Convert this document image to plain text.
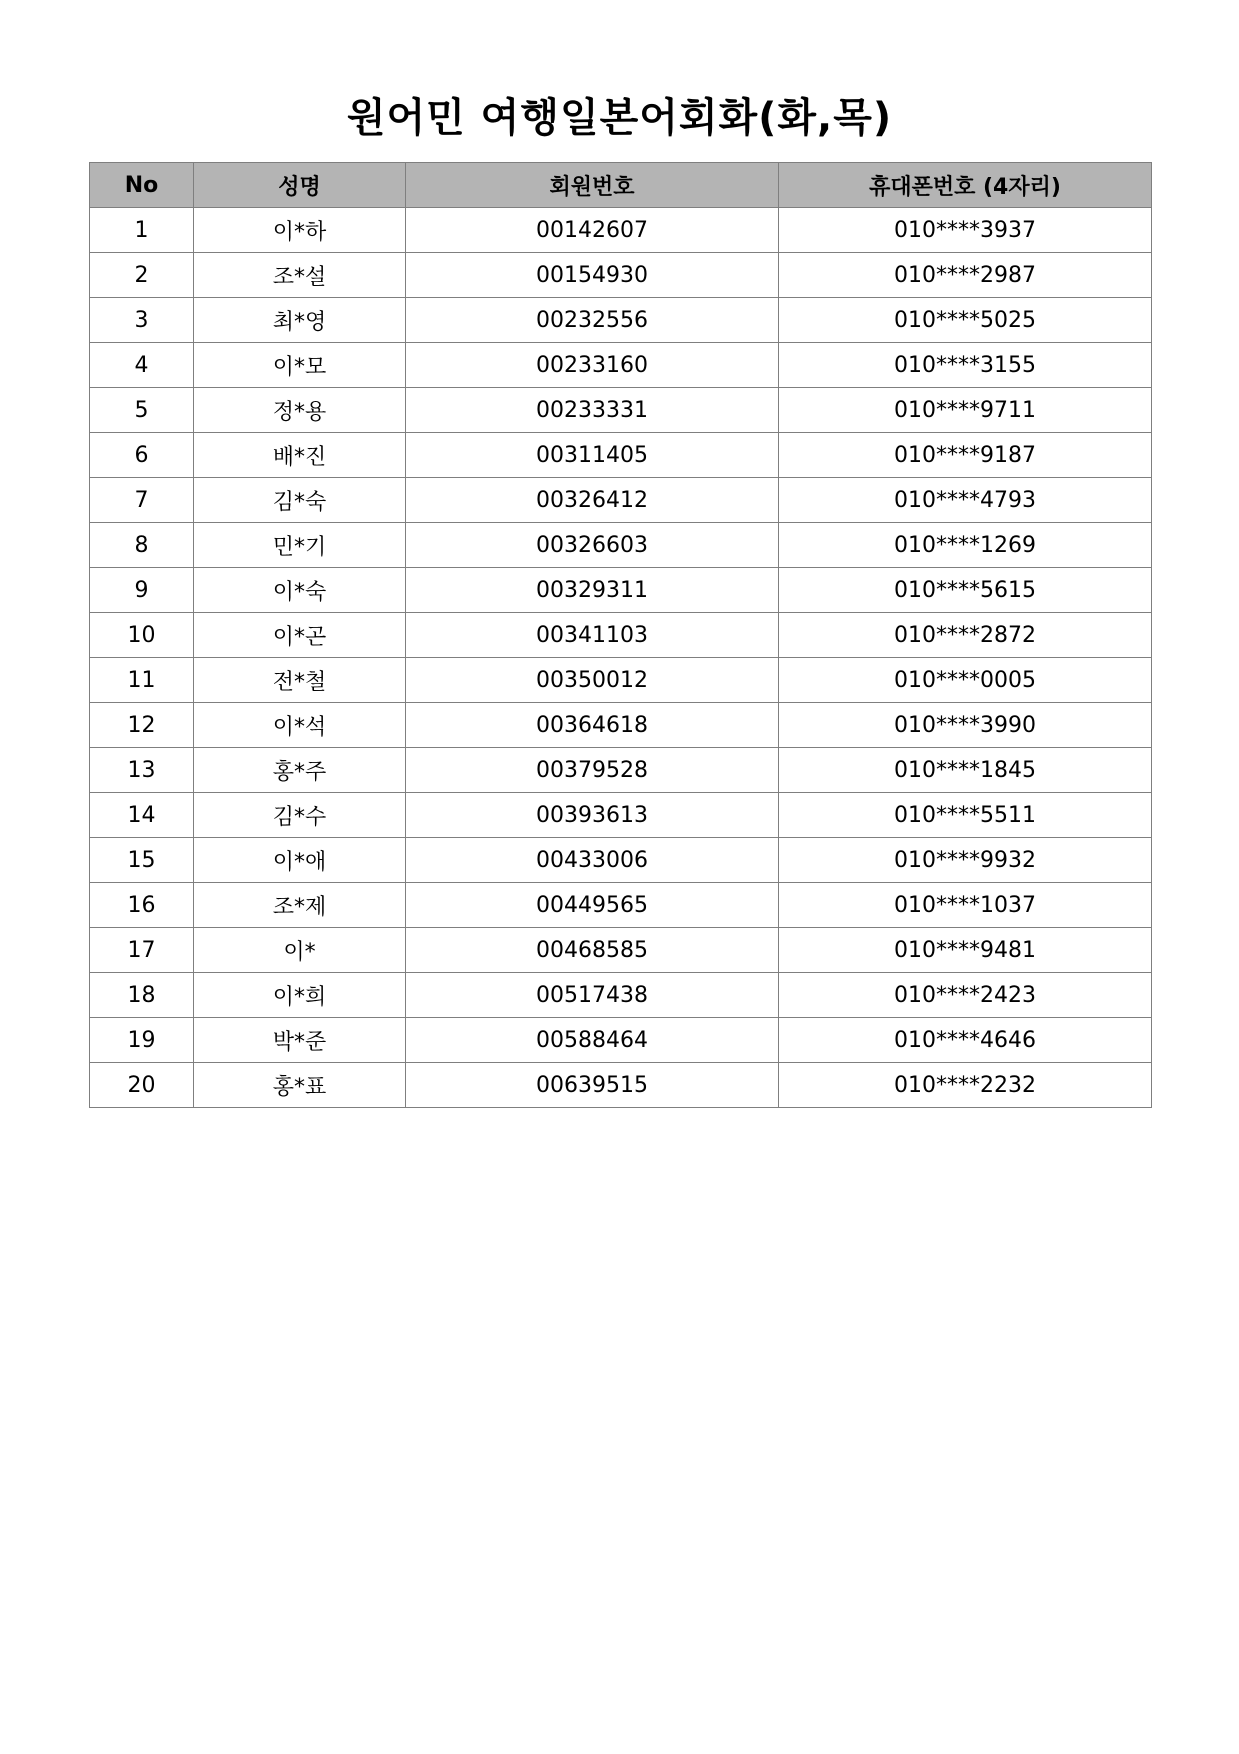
원어민 여행일본어회화(화,목)
No	성명	회원번호	휴대폰번호 (4자리)
1	이*하	00142607	010****3937
2	조*설	00154930	010****2987
3	최*영	00232556	010****5025
4	이*모	00233160	010****3155
5	정*용	00233331	010****9711
6	배*진	00311405	010****9187
7	김*숙	00326412	010****4793
8	민*기	00326603	010****1269
9	이*숙	00329311	010****5615
10	이*곤	00341103	010****2872
11	전*철	00350012	010****0005
12	이*석	00364618	010****3990
13	홍*주	00379528	010****1845
14	김*수	00393613	010****5511
15	이*애	00433006	010****9932
16	조*제	00449565	010****1037
17	이*	00468585	010****9481
18	이*희	00517438	010****2423
19	박*준	00588464	010****4646
20	홍*표	00639515	010****2232
